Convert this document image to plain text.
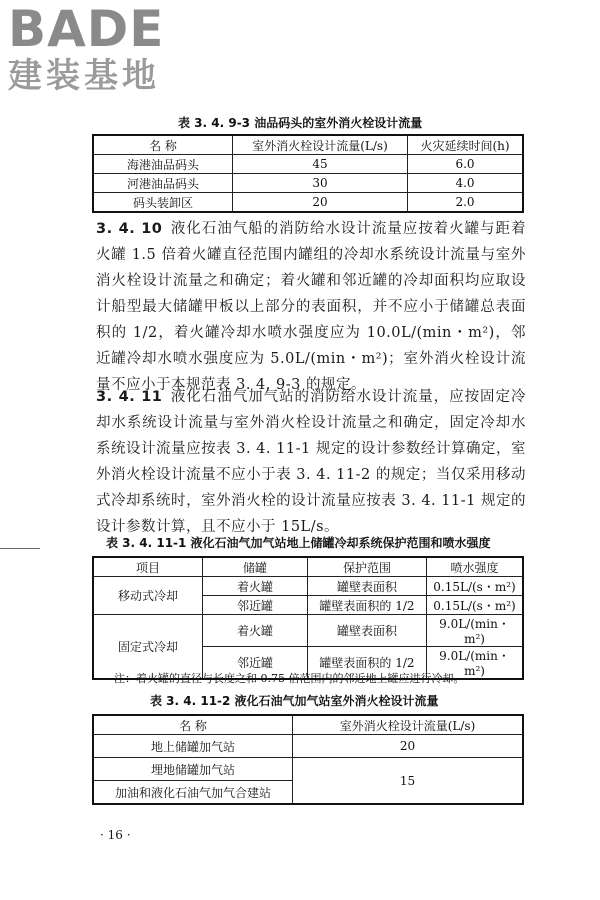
BADE
建装基地
表 3. 4. 9-3 油品码头的室外消火栓设计流量
名 称	室外消火栓设计流量(L/s)	火灾延续时间(h)
海港油品码头	45	6.0
河港油品码头	30	4.0
码头装卸区	20	2.0
3. 4. 10 液化石油气船的消防给水设计流量应按着火罐与距着火罐 1.5 倍着火罐直径范围内罐组的冷却水系统设计流量与室外消火栓设计流量之和确定；着火罐和邻近罐的冷却面积均应取设计船型最大储罐甲板以上部分的表面积，并不应小于储罐总表面积的 1/2，着火罐冷却水喷水强度应为 10.0L/(min・m²)，邻近罐冷却水喷水强度应为 5.0L/(min・m²)；室外消火栓设计流量不应小于本规范表 3. 4. 9-3 的规定。
3. 4. 11 液化石油气加气站的消防给水设计流量，应按固定冷却水系统设计流量与室外消火栓设计流量之和确定，固定冷却水系统设计流量应按表 3. 4. 11-1 规定的设计参数经计算确定，室外消火栓设计流量不应小于表 3. 4. 11-2 的规定；当仅采用移动式冷却系统时，室外消火栓的设计流量应按表 3. 4. 11-1 规定的设计参数计算，且不应小于 15L/s。
表 3. 4. 11-1 液化石油气加气站地上储罐冷却系统保护范围和喷水强度
项目	储罐	保护范围	喷水强度
移动式冷却	着火罐	罐壁表面积	0.15L/(s・m²)
	邻近罐	罐壁表面积的 1/2	0.15L/(s・m²)
固定式冷却	着火罐	罐壁表面积	9.0L/(min・m²)
	邻近罐	罐壁表面积的 1/2	9.0L/(min・m²)
注：着火罐的直径与长度之和 0.75 倍范围内的邻近地上罐应进行冷却。
表 3. 4. 11-2 液化石油气加气站室外消火栓设计流量
名 称	室外消火栓设计流量(L/s)
地上储罐加气站	20
埋地储罐加气站	15
加油和液化石油气加气合建站	
· 16 ·
